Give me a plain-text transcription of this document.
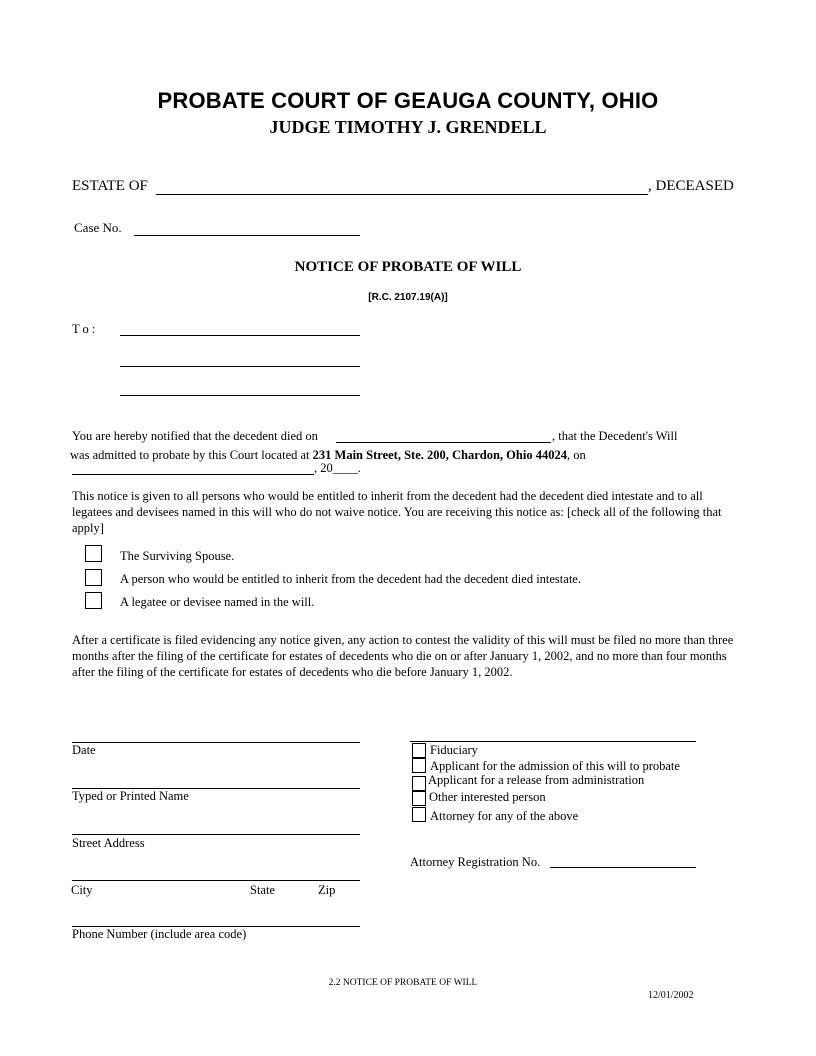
PROBATE COURT OF GEAUGA COUNTY, OHIO
JUDGE TIMOTHY J. GRENDELL
ESTATE OF	, DECEASED
Case No.
NOTICE OF PROBATE OF WILL
[R.C. 2107.19(A)]
T o :
You are hereby notified that the decedent died on	, that the Decedent's Will
was admitted to probate by this Court located at 231 Main Street, Ste. 200, Chardon, Ohio 44024, on
, 20____.
This notice is given to all persons who would be entitled to inherit from the decedent had the decedent died intestate and to all legatees and devisees named in this will who do not waive notice. You are receiving this notice as: [check all of the following that apply]
The Surviving Spouse.
A person who would be entitled to inherit from the decedent had the decedent died intestate.
A legatee or devisee named in the will.
After a certificate is filed evidencing any notice given, any action to contest the validity of this will must be filed no more than three months after the filing of the certificate for estates of decedents who die on or after January 1, 2002, and no more than four months after the filing of the certificate for estates of decedents who die before January 1, 2002.
Date
Typed or Printed Name
Street Address
City	State	Zip
Phone Number (include area code)
Fiduciary
Applicant for the admission of this will to probate
Applicant for a release from administration
Other interested person
Attorney for any of the above
Attorney Registration No.
2.2 NOTICE OF PROBATE OF WILL
12/01/2002
